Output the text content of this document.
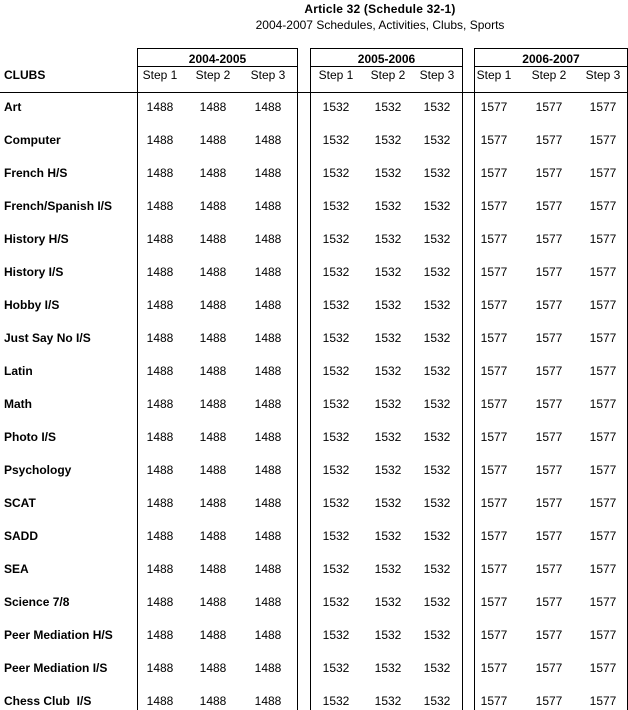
Article 32 (Schedule 32-1)
2004-2007 Schedules, Activities, Clubs, Sports
CLUBS
2004-2005
Step 1	Step 2	Step 3
2005-2006
Step 1	Step 2	Step 3
2006-2007
Step 1	Step 2	Step 3
Art	1488	1488	1488	1532	1532	1532	1577	1577	1577
Computer	1488	1488	1488	1532	1532	1532	1577	1577	1577
French H/S	1488	1488	1488	1532	1532	1532	1577	1577	1577
French/Spanish I/S	1488	1488	1488	1532	1532	1532	1577	1577	1577
History H/S	1488	1488	1488	1532	1532	1532	1577	1577	1577
History I/S	1488	1488	1488	1532	1532	1532	1577	1577	1577
Hobby I/S	1488	1488	1488	1532	1532	1532	1577	1577	1577
Just Say No I/S	1488	1488	1488	1532	1532	1532	1577	1577	1577
Latin	1488	1488	1488	1532	1532	1532	1577	1577	1577
Math	1488	1488	1488	1532	1532	1532	1577	1577	1577
Photo I/S	1488	1488	1488	1532	1532	1532	1577	1577	1577
Psychology	1488	1488	1488	1532	1532	1532	1577	1577	1577
SCAT	1488	1488	1488	1532	1532	1532	1577	1577	1577
SADD	1488	1488	1488	1532	1532	1532	1577	1577	1577
SEA	1488	1488	1488	1532	1532	1532	1577	1577	1577
Science 7/8	1488	1488	1488	1532	1532	1532	1577	1577	1577
Peer Mediation H/S	1488	1488	1488	1532	1532	1532	1577	1577	1577
Peer Mediation I/S	1488	1488	1488	1532	1532	1532	1577	1577	1577
Chess Club  I/S	1488	1488	1488	1532	1532	1532	1577	1577	1577
